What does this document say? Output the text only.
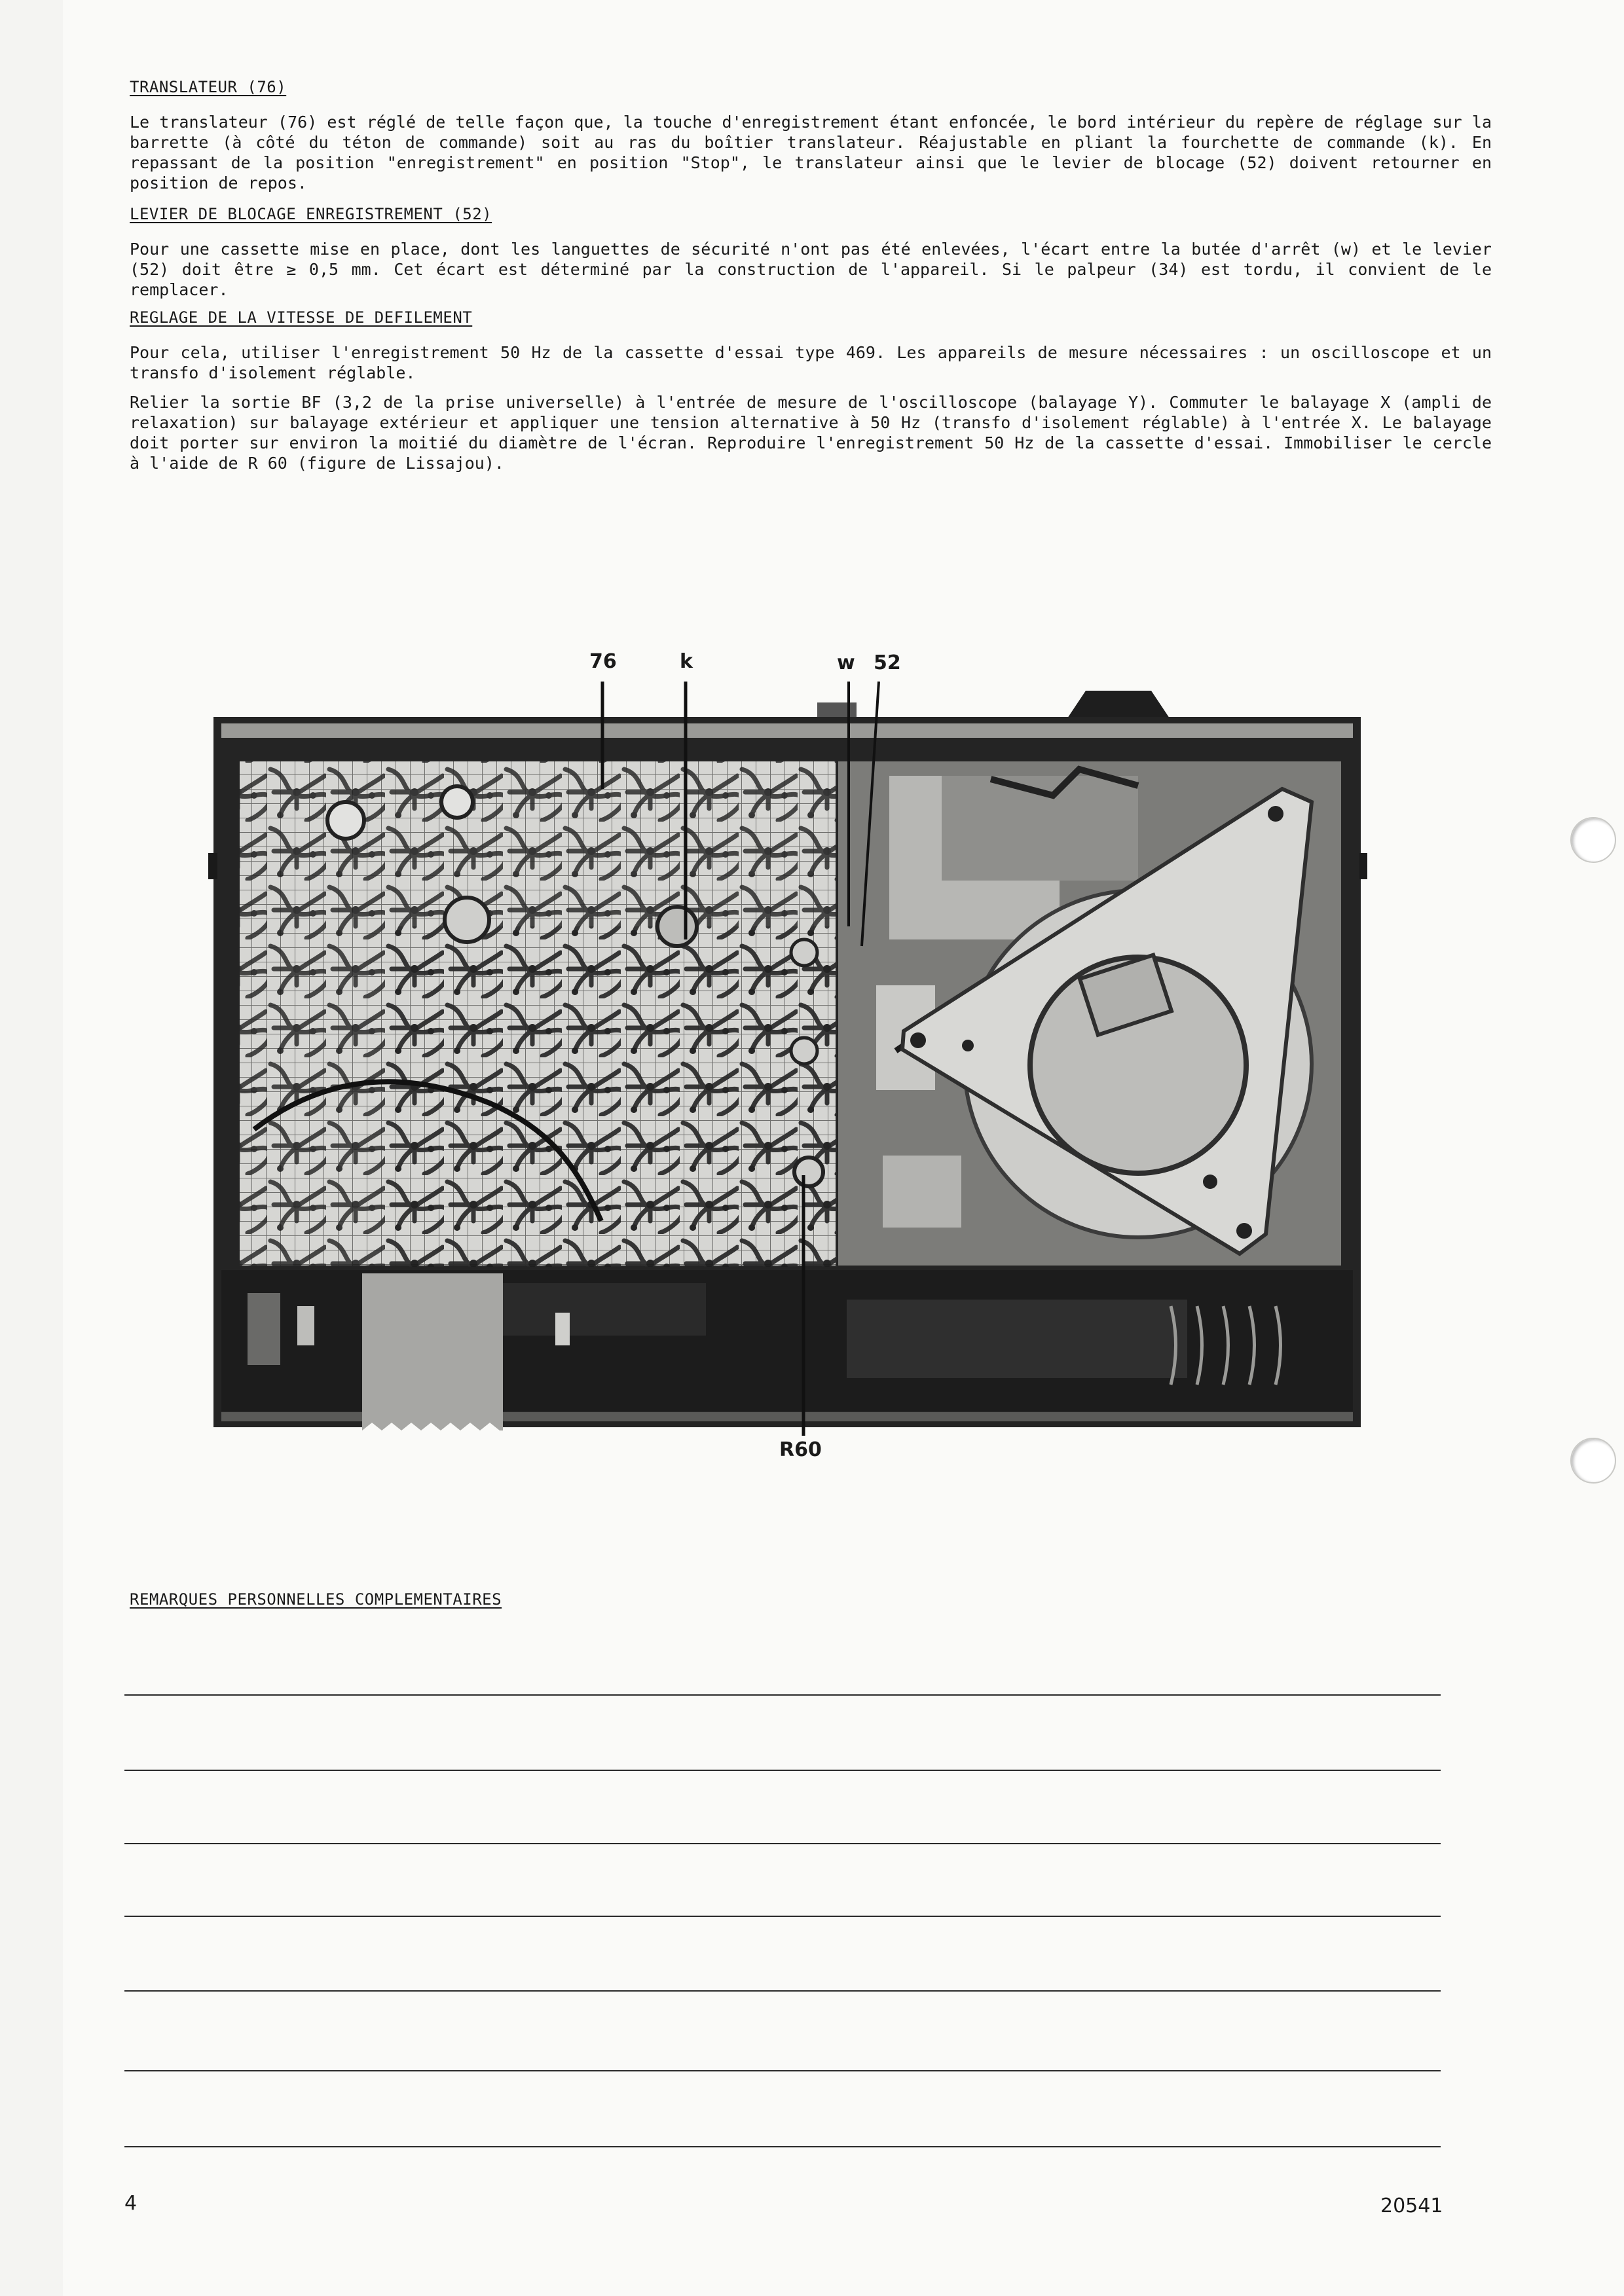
TRANSLATEUR (76)

Le translateur (76) est réglé de telle façon que, la touche d'enregistrement étant enfoncée, le bord intérieur du repère de réglage sur la barrette (à côté du téton de commande) soit au ras du boîtier translateur. Réajustable en pliant la fourchette de commande (k). En repassant de la position "enregistrement" en position "Stop", le translateur ainsi que le levier de blocage (52) doivent retourner en position de repos.

LEVIER DE BLOCAGE ENREGISTREMENT (52)

Pour une cassette mise en place, dont les languettes de sécurité n'ont pas été enlevées, l'écart entre la butée d'arrêt (w) et le levier (52) doit être ≥ 0,5 mm. Cet écart est déterminé par la construction de l'appareil. Si le palpeur (34) est tordu, il convient de le remplacer.

REGLAGE DE LA VITESSE DE DEFILEMENT

Pour cela, utiliser l'enregistrement 50 Hz de la cassette d'essai type 469. Les appareils de mesure nécessaires : un oscilloscope et un transfo d'isolement réglable.

Relier la sortie BF (3,2 de la prise universelle) à l'entrée de mesure de l'oscilloscope (balayage Y). Commuter le balayage X (ampli de relaxation) sur balayage extérieur et appliquer une tension alternative à 50 Hz (transfo d'isolement réglable) à l'entrée X. Le balayage doit porter sur environ la moitié du diamètre de l'écran. Reproduire l'enregistrement 50 Hz de la cassette d'essai. Immobiliser le cercle à l'aide de R 60 (figure de Lissajou).

76	k	w 52
R60
REMARQUES PERSONNELLES COMPLEMENTAIRES
4	20541
